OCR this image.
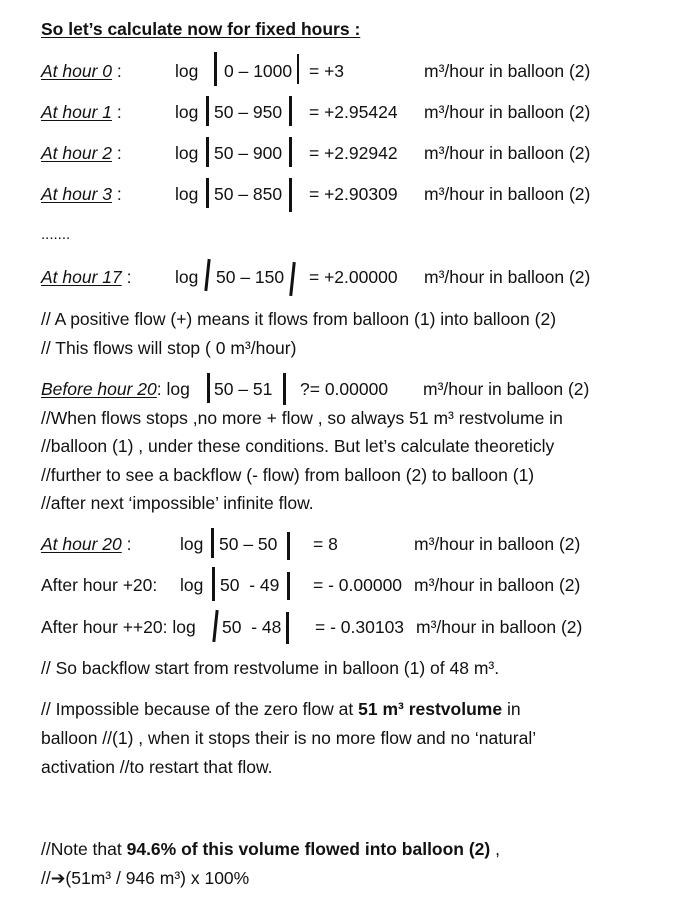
So let’s calculate now for fixed hours :
At hour 0 :	log 0 – 1000 = +3	m³/hour in balloon (2)
At hour 1 :	log 50 – 950 = +2.95424 m³/hour in balloon (2)
At hour 2 :	log 50 – 900 = +2.92942 m³/hour in balloon (2)
At hour 3 :	log 50 – 850 = +2.90309 m³/hour in balloon (2)
.......
At hour 17 : log 50 – 150 = +2.00000 m³/hour in balloon (2)
// A positive flow (+) means it flows from balloon (1) into balloon (2)
// This flows will stop ( 0 m³/hour)
Before hour 20: log 50 – 51 ?= 0.00000 m³/hour in balloon (2)
//When flows stops ,no more + flow , so always 51 m³ restvolume in
//balloon (1) , under these conditions. But let’s calculate theoreticly
//further to see a backflow (- flow) from balloon (2) to balloon (1)
//after next ‘impossible’ infinite flow.
At hour 20 :	log 50 – 50 = 8	m³/hour in balloon (2)
After hour +20: log 50  - 49 = - 0.00000 m³/hour in balloon (2)
After hour ++20: log 50  - 48 = - 0.30103 m³/hour in balloon (2)
// So backflow start from restvolume in balloon (1) of 48 m³.
// Impossible because of the zero flow at 51 m³ restvolume in
balloon //(1) , when it stops their is no more flow and no ‘natural’
activation //to restart that flow.
//Note that 94.6% of this volume flowed into balloon (2) ,
//➔(51m³ / 946 m³) x 100%
